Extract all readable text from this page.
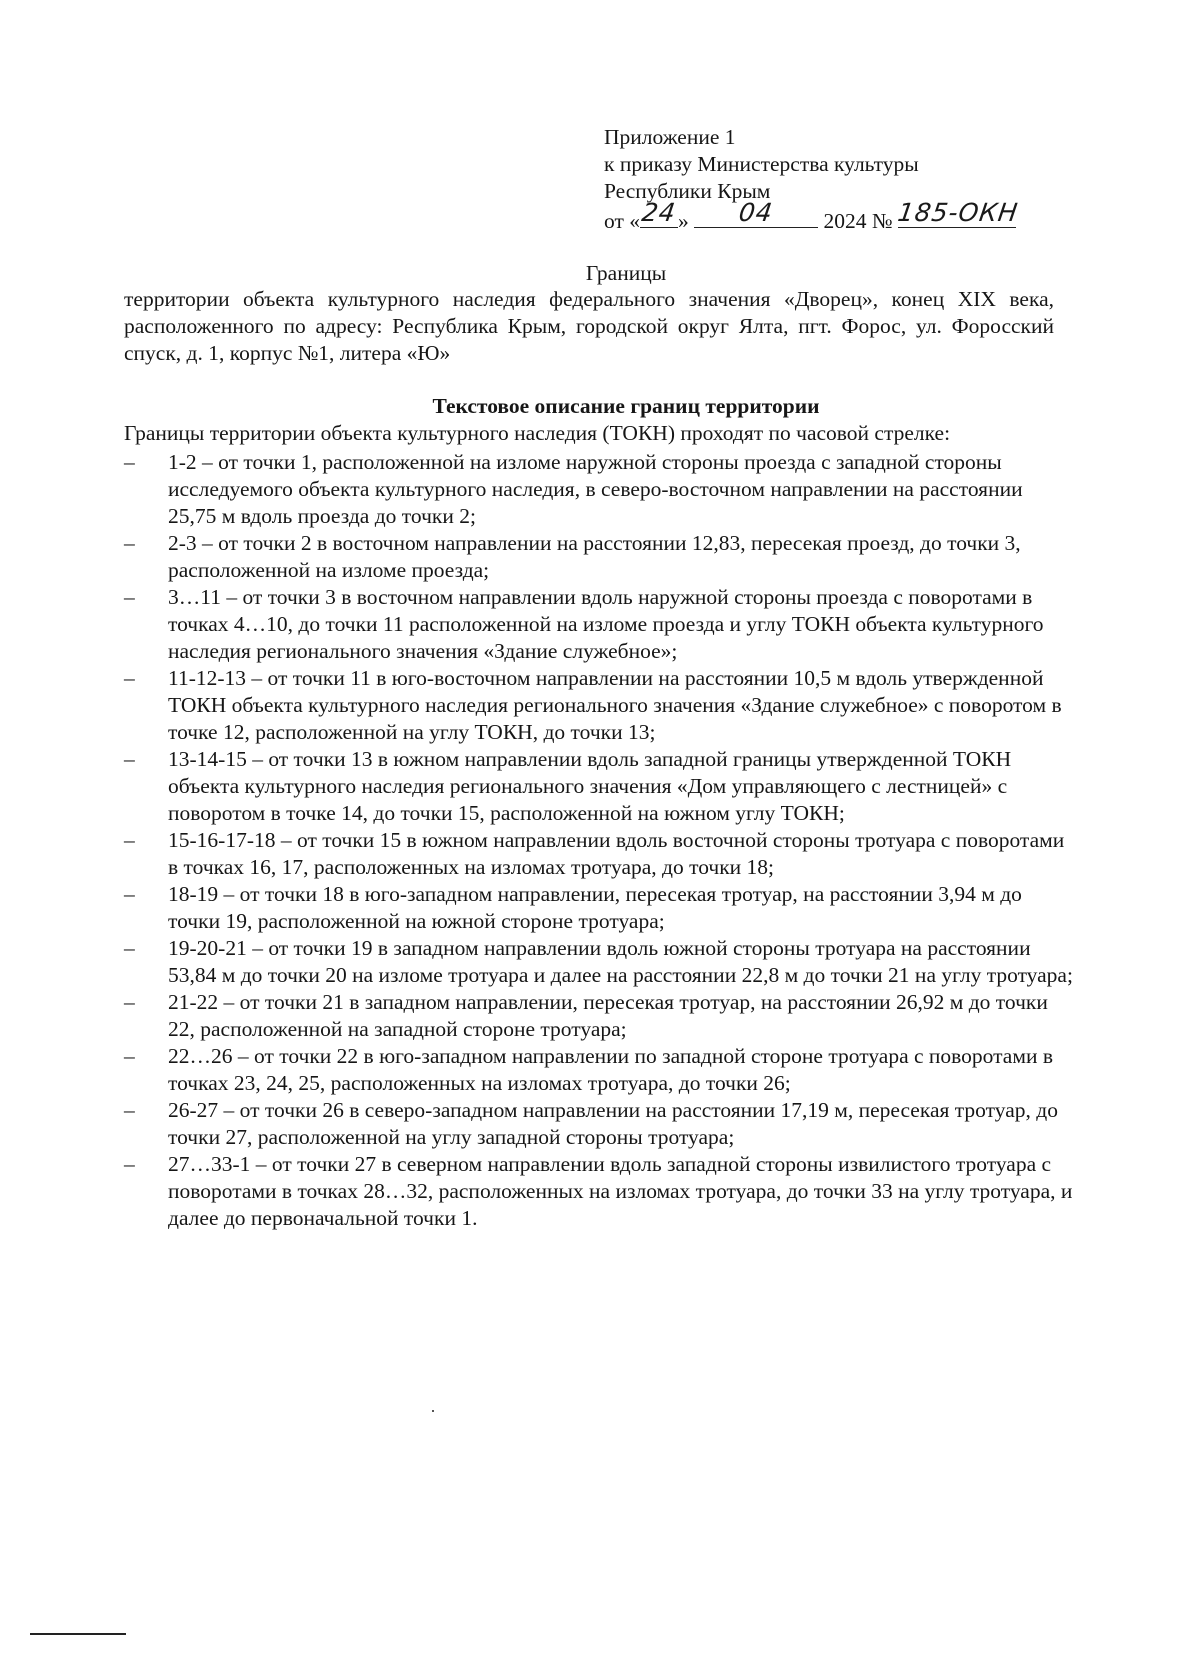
Приложение 1
к приказу Министерства культуры
Республики Крым
от « 24 »	04	2024 № 185-ОКН
Границы
территории объекта культурного наследия федерального значения «Дворец», конец XIX века, расположенного по адресу: Республика Крым, городской округ Ялта, пгт. Форос, ул. Форосский спуск, д. 1, корпус №1, литера «Ю»
Текстовое описание границ территории
Границы территории объекта культурного наследия (ТОКН) проходят по часовой стрелке:
– 1-2 – от точки 1, расположенной на изломе наружной стороны проезда с западной стороны исследуемого объекта культурного наследия, в северо-восточном направлении на расстоянии 25,75 м вдоль проезда до точки 2;
– 2-3 – от точки 2 в восточном направлении на расстоянии 12,83, пересекая проезд, до точки 3, расположенной на изломе проезда;
– 3…11 – от точки 3 в восточном направлении вдоль наружной стороны проезда с поворотами в точках 4…10, до точки 11 расположенной на изломе проезда и углу ТОКН объекта культурного наследия регионального значения «Здание служебное»;
– 11-12-13 – от точки 11 в юго-восточном направлении на расстоянии 10,5 м вдоль утвержденной ТОКН объекта культурного наследия регионального значения «Здание служебное» с поворотом в точке 12, расположенной на углу ТОКН, до точки 13;
– 13-14-15 – от точки 13 в южном направлении вдоль западной границы утвержденной ТОКН объекта культурного наследия регионального значения «Дом управляющего с лестницей» с поворотом в точке 14, до точки 15, расположенной на южном углу ТОКН;
– 15-16-17-18 – от точки 15 в южном направлении вдоль восточной стороны тротуара с поворотами в точках 16, 17, расположенных на изломах тротуара, до точки 18;
– 18-19 – от точки 18 в юго-западном направлении, пересекая тротуар, на расстоянии 3,94 м до точки 19, расположенной на южной стороне тротуара;
– 19-20-21 – от точки 19 в западном направлении вдоль южной стороны тротуара на расстоянии 53,84 м до точки 20 на изломе тротуара и далее на расстоянии 22,8 м до точки 21 на углу тротуара;
– 21-22 – от точки 21 в западном направлении, пересекая тротуар, на расстоянии 26,92 м до точки 22, расположенной на западной стороне тротуара;
– 22…26 – от точки 22 в юго-западном направлении по западной стороне тротуара с поворотами в точках 23, 24, 25, расположенных на изломах тротуара, до точки 26;
– 26-27 – от точки 26 в северо-западном направлении на расстоянии 17,19 м, пересекая тротуар, до точки 27, расположенной на углу западной стороны тротуара;
– 27…33-1 – от точки 27 в северном направлении вдоль западной стороны извилистого тротуара с поворотами в точках 28…32, расположенных на изломах тротуара, до точки 33 на углу тротуара, и далее до первоначальной точки 1.
